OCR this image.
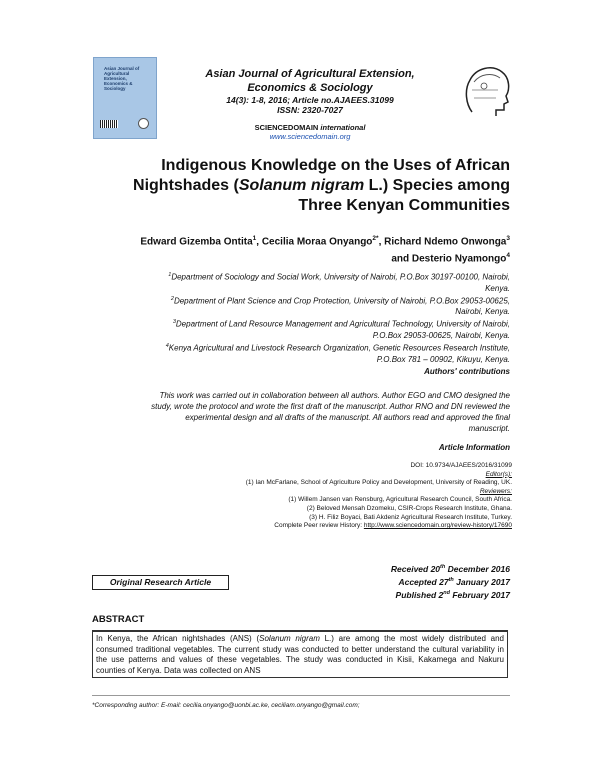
Asian Journal of
Agricultural Extension,
Economics & Sociology
Asian Journal of Agricultural Extension,
Economics & Sociology
14(3): 1-8, 2016; Article no.AJAEES.31099
ISSN: 2320-7027
SCIENCEDOMAIN international
www.sciencedomain.org
Indigenous Knowledge on the Uses of African
Nightshades (Solanum nigram L.) Species among
Three Kenyan Communities
Edward Gizemba Ontita$^1$, Cecilia Moraa Onyango$^{2*}$, Richard Ndemo Onwonga$^3$
and Desterio Nyamongo$^4$
$^1$Department of Sociology and Social Work, University of Nairobi, P.O.Box 30197-00100, Nairobi,
Kenya.
$^2$Department of Plant Science and Crop Protection, University of Nairobi, P.O.Box 29053-00625,
Nairobi, Kenya.
$^3$Department of Land Resource Management and Agricultural Technology, University of Nairobi,
P.O.Box 29053-00625, Nairobi, Kenya.
$^4$Kenya Agricultural and Livestock Research Organization, Genetic Resources Research Institute,
P.O.Box 781 – 00902, Kikuyu, Kenya.
Authors' contributions
This work was carried out in collaboration between all authors. Author EGO and CMO designed the
study, wrote the protocol and wrote the first draft of the manuscript. Author RNO and DN reviewed the
experimental design and all drafts of the manuscript. All authors read and approved the final
manuscript.
Article Information
DOI: 10.9734/AJAEES/2016/31099
Editor(s):
(1) Ian McFarlane, School of Agriculture Policy and Development, University of Reading, UK.
Reviewers:
(1) Willem Jansen van Rensburg, Agricultural Research Council, South Africa.
(2) Beloved Mensah Dzomeku, CSIR-Crops Research Institute, Ghana.
(3) H. Filiz Boyaci, Bati Akdeniz Agricultural Research Institute, Turkey.
Complete Peer review History: http://www.sciencedomain.org/review-history/17690
Received 20th December 2016
Accepted 27th January 2017
Published 2nd February 2017
Original Research Article
ABSTRACT
In Kenya, the African nightshades (ANS) (Solanum nigram L.) are among the most widely distributed and consumed traditional vegetables. The current study was conducted to better understand the cultural variability in the use patterns and values of these vegetables. The study was conducted in Kisii, Kakamega and Nakuru counties of Kenya. Data was collected on ANS
*Corresponding author: E-mail: cecilia.onyango@uonbi.ac.ke, ceciliam.onyango@gmail.com;
